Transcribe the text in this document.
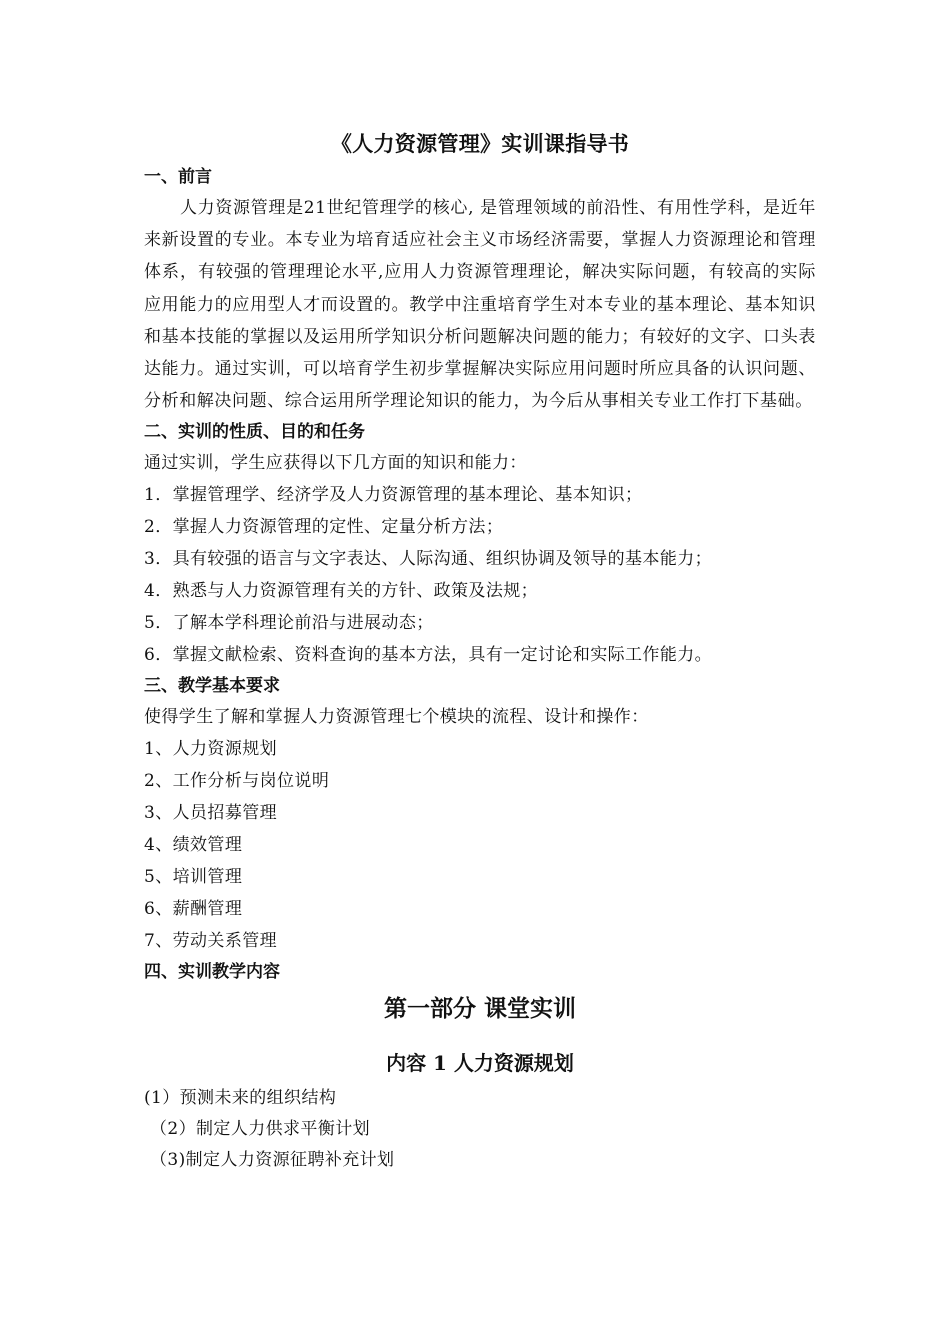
《人力资源管理》实训课指导书
一、前言

人力资源管理是21世纪管理学的核心, 是管理领域的前沿性、有用性学科，是近年来新设置的专业。本专业为培育适应社会主义市场经济需要，掌握人力资源理论和管理体系，有较强的管理理论水平,应用人力资源管理理论，解决实际问题，有较高的实际应用能力的应用型人才而设置的。教学中注重培育学生对本专业的基本理论、基本知识和基本技能的掌握以及运用所学知识分析问题解决问题的能力；有较好的文字、口头表达能力。通过实训，可以培育学生初步掌握解决实际应用问题时所应具备的认识问题、分析和解决问题、综合运用所学理论知识的能力，为今后从事相关专业工作打下基础。

二、实训的性质、目的和任务

通过实训，学生应获得以下几方面的知识和能力：

1．掌握管理学、经济学及人力资源管理的基本理论、基本知识；

2．掌握人力资源管理的定性、定量分析方法；

3．具有较强的语言与文字表达、人际沟通、组织协调及领导的基本能力；

4．熟悉与人力资源管理有关的方针、政策及法规；

5．了解本学科理论前沿与进展动态；

6．掌握文献检索、资料查询的基本方法，具有一定讨论和实际工作能力。

三、教学基本要求

使得学生了解和掌握人力资源管理七个模块的流程、设计和操作：

1、人力资源规划

2、工作分析与岗位说明

3、人员招募管理

4、绩效管理

5、培训管理

6、薪酬管理

7、劳动关系管理

四、实训教学内容
第一部分 课堂实训
内容 1 人力资源规划

(1）预测未来的组织结构

（2）制定人力供求平衡计划

（3)制定人力资源征聘补充计划
